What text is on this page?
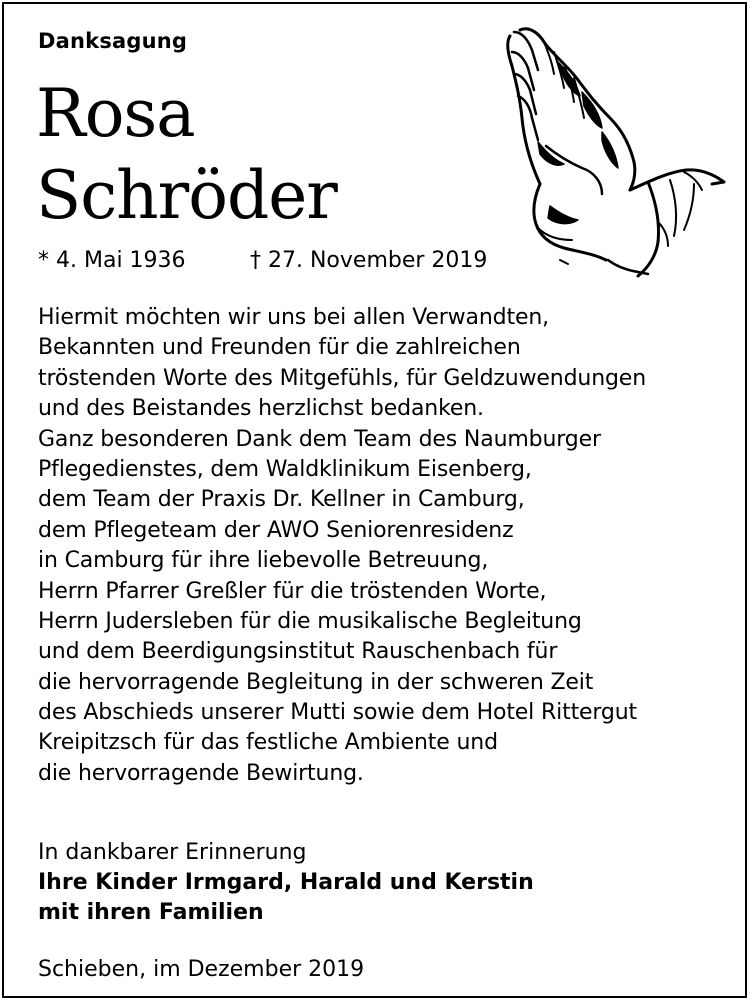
Danksagung
Rosa
Schröder
* 4. Mai 1936	† 27. November 2019
Hiermit möchten wir uns bei allen Verwandten,
Bekannten und Freunden für die zahlreichen
tröstenden Worte des Mitgefühls, für Geldzuwendungen
und des Beistandes herzlichst bedanken.
Ganz besonderen Dank dem Team des Naumburger
Pflegedienstes, dem Waldklinikum Eisenberg,
dem Team der Praxis Dr. Kellner in Camburg,
dem Pflegeteam der AWO Seniorenresidenz
in Camburg für ihre liebevolle Betreuung,
Herrn Pfarrer Greßler für die tröstenden Worte,
Herrn Judersleben für die musikalische Begleitung
und dem Beerdigungsinstitut Rauschenbach für
die hervorragende Begleitung in der schweren Zeit
des Abschieds unserer Mutti sowie dem Hotel Rittergut
Kreipitzsch für das festliche Ambiente und
die hervorragende Bewirtung.
In dankbarer Erinnerung
Ihre Kinder Irmgard, Harald und Kerstin
mit ihren Familien
Schieben, im Dezember 2019
